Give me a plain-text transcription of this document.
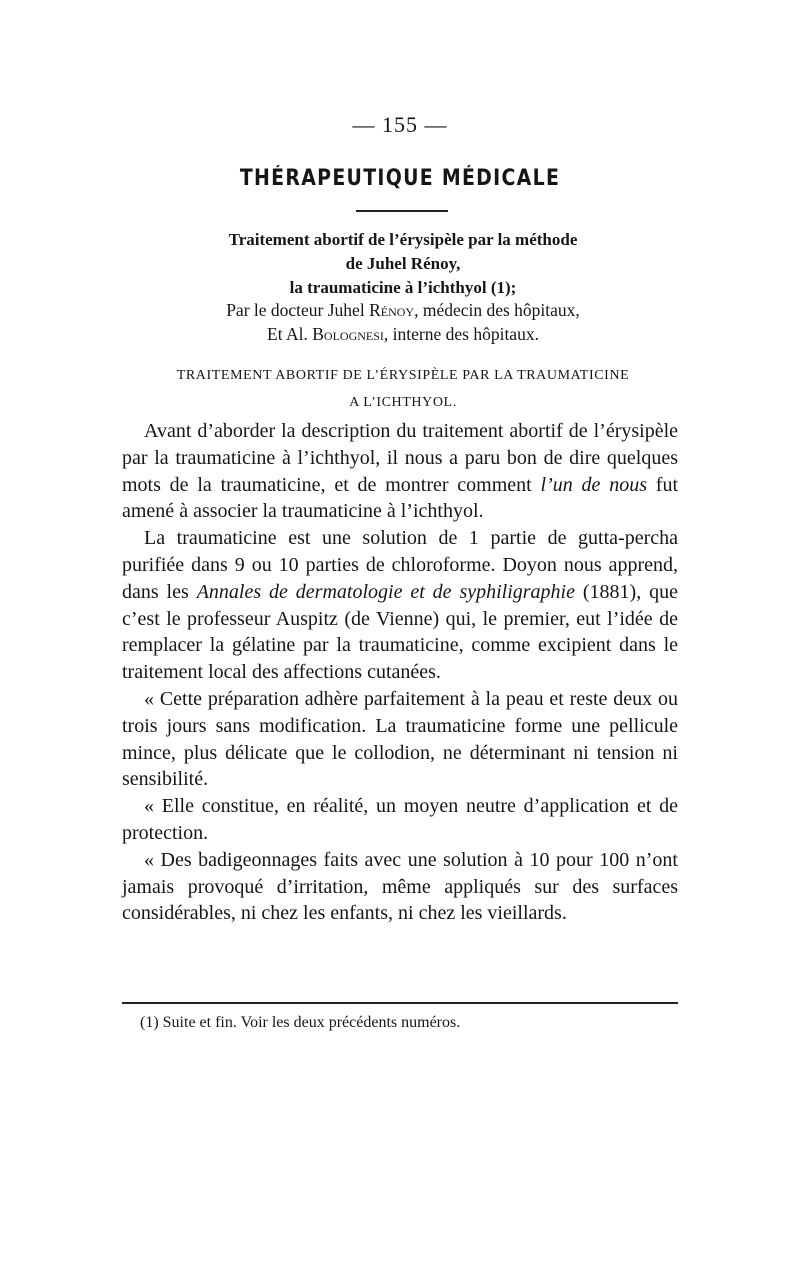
— 155 —
THÉRAPEUTIQUE MÉDICALE
Traitement abortif de l’érysipèle par la méthode
de Juhel Rénoy,
la traumaticine à l’ichthyol (1);
Par le docteur Juhel Rénoy, médecin des hôpitaux,
Et Al. Bolognesi, interne des hôpitaux.
TRAITEMENT ABORTIF DE L’ÉRYSIPÈLE PAR LA TRAUMATICINE
A L’ICHTHYOL.

Avant d’aborder la description du traitement abortif de l’érysipèle par la traumaticine à l’ichthyol, il nous a paru bon de dire quelques mots de la traumaticine, et de montrer comment l’un de nous fut amené à associer la traumaticine à l’ichthyol.

La traumaticine est une solution de 1 partie de gutta-percha purifiée dans 9 ou 10 parties de chloroforme. Doyon nous apprend, dans les Annales de dermatologie et de syphiligraphie (1881), que c’est le professeur Auspitz (de Vienne) qui, le premier, eut l’idée de remplacer la gélatine par la traumaticine, comme excipient dans le traitement local des affections cutanées.

« Cette préparation adhère parfaitement à la peau et reste deux ou trois jours sans modification. La traumaticine forme une pellicule mince, plus délicate que le collodion, ne déterminant ni tension ni sensibilité.

« Elle constitue, en réalité, un moyen neutre d’application et de protection.

« Des badigeonnages faits avec une solution à 10 pour 100 n’ont jamais provoqué d’irritation, même appliqués sur des surfaces considérables, ni chez les enfants, ni chez les vieillards.

(1) Suite et fin. Voir les deux précédents numéros.
